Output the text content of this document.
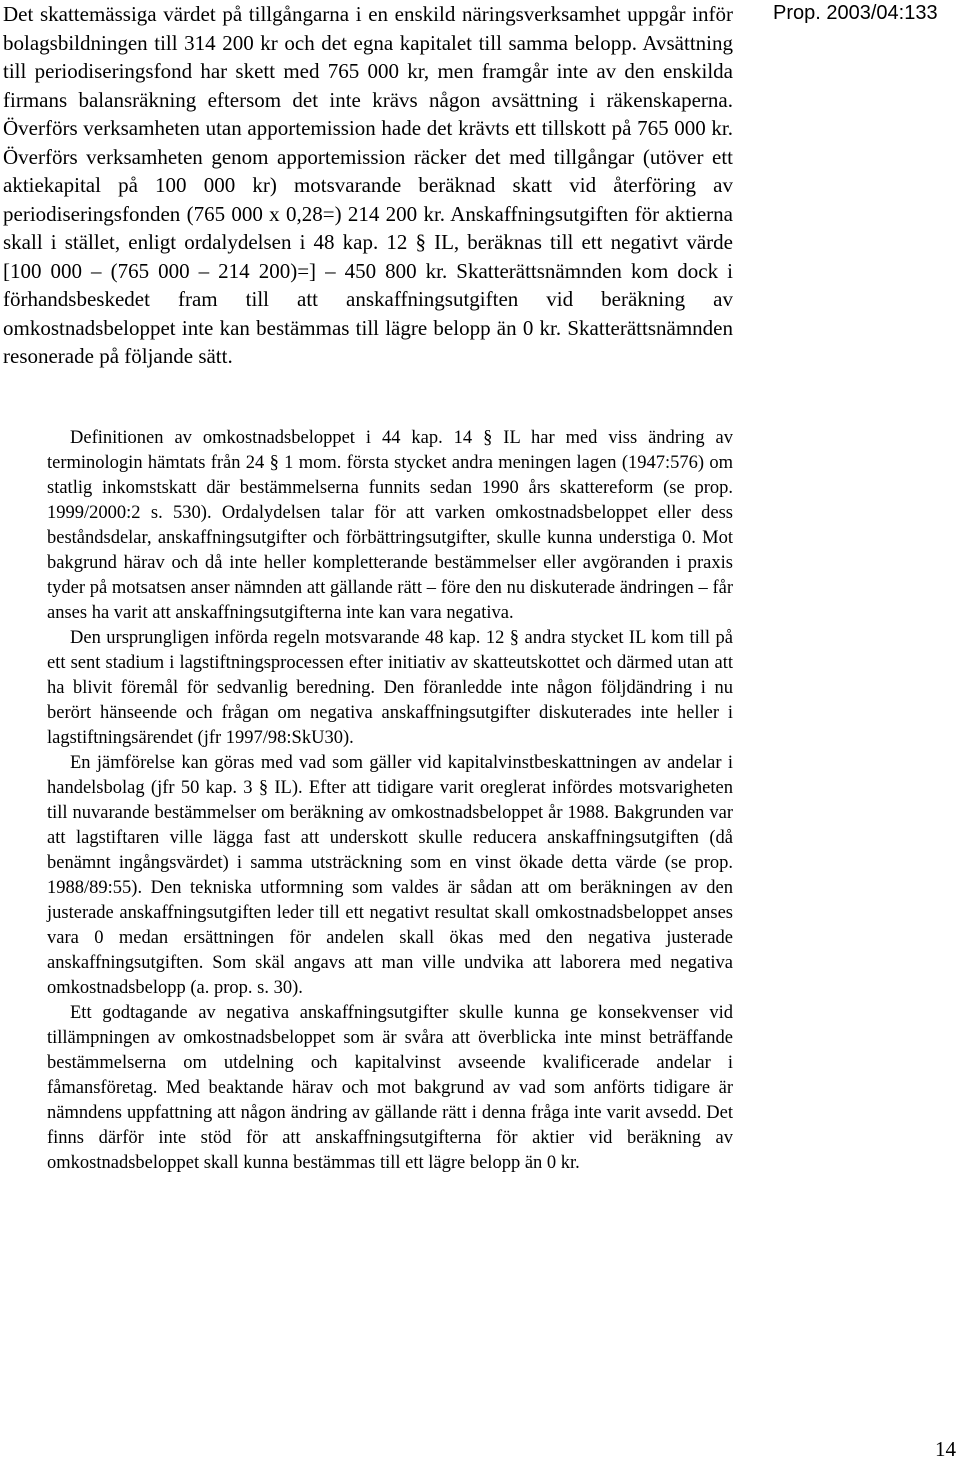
Prop. 2003/04:133

Det skattemässiga värdet på tillgångarna i en enskild näringsverksamhet uppgår inför bolagsbildningen till 314 200 kr och det egna kapitalet till samma belopp. Avsättning till periodiseringsfond har skett med 765 000 kr, men framgår inte av den enskilda firmans balansräkning eftersom det inte krävs någon avsättning i räkenskaperna. Överförs verksamheten utan apportemission hade det krävts ett tillskott på 765 000 kr. Överförs verksamheten genom apportemission räcker det med tillgångar (utöver ett aktiekapital på 100 000 kr) motsvarande beräknad skatt vid återföring av periodiseringsfonden (765 000 x 0,28=) 214 200 kr. Anskaffningsutgiften för aktierna skall i stället, enligt ordalydelsen i 48 kap. 12 § IL, beräknas till ett negativt värde [100 000 – (765 000 – 214 200)=] – 450 800 kr. Skatterättsnämnden kom dock i förhandsbeskedet fram till att anskaffningsutgiften vid beräkning av omkostnadsbeloppet inte kan bestämmas till lägre belopp än 0 kr. Skatterättsnämnden resonerade på följande sätt.

Definitionen av omkostnadsbeloppet i 44 kap. 14 § IL har med viss ändring av terminologin hämtats från 24 § 1 mom. första stycket andra meningen lagen (1947:576) om statlig inkomstskatt där bestämmelserna funnits sedan 1990 års skattereform (se prop. 1999/2000:2 s. 530). Ordalydelsen talar för att varken omkostnadsbeloppet eller dess beståndsdelar, anskaffningsutgifter och förbättringsutgifter, skulle kunna understiga 0. Mot bakgrund härav och då inte heller kompletterande bestämmelser eller avgöranden i praxis tyder på motsatsen anser nämnden att gällande rätt – före den nu diskuterade ändringen – får anses ha varit att anskaffningsutgifterna inte kan vara negativa.

Den ursprungligen införda regeln motsvarande 48 kap. 12 § andra stycket IL kom till på ett sent stadium i lagstiftningsprocessen efter initiativ av skatteutskottet och därmed utan att ha blivit föremål för sedvanlig beredning. Den föranledde inte någon följdändring i nu berört hänseende och frågan om negativa anskaffningsutgifter diskuterades inte heller i lagstiftningsärendet (jfr 1997/98:SkU30).

En jämförelse kan göras med vad som gäller vid kapitalvinstbeskattningen av andelar i handelsbolag (jfr 50 kap. 3 § IL). Efter att tidigare varit oreglerat infördes motsvarigheten till nuvarande bestämmelser om beräkning av omkostnadsbeloppet år 1988. Bakgrunden var att lagstiftaren ville lägga fast att underskott skulle reducera anskaffningsutgiften (då benämnt ingångsvärdet) i samma utsträckning som en vinst ökade detta värde (se prop. 1988/89:55). Den tekniska utformning som valdes är sådan att om beräkningen av den justerade anskaffningsutgiften leder till ett negativt resultat skall omkostnadsbeloppet anses vara 0 medan ersättningen för andelen skall ökas med den negativa justerade anskaffningsutgiften. Som skäl angavs att man ville undvika att laborera med negativa omkostnadsbelopp (a. prop. s. 30).

Ett godtagande av negativa anskaffningsutgifter skulle kunna ge konsekvenser vid tillämpningen av omkostnadsbeloppet som är svåra att överblicka inte minst beträffande bestämmelserna om utdelning och kapitalvinst avseende kvalificerade andelar i fåmansföretag. Med beaktande härav och mot bakgrund av vad som anförts tidigare är nämndens uppfattning att någon ändring av gällande rätt i denna fråga inte varit avsedd. Det finns därför inte stöd för att anskaffningsutgifterna för aktier vid beräkning av omkostnadsbeloppet skall kunna bestämmas till ett lägre belopp än 0 kr.

14
